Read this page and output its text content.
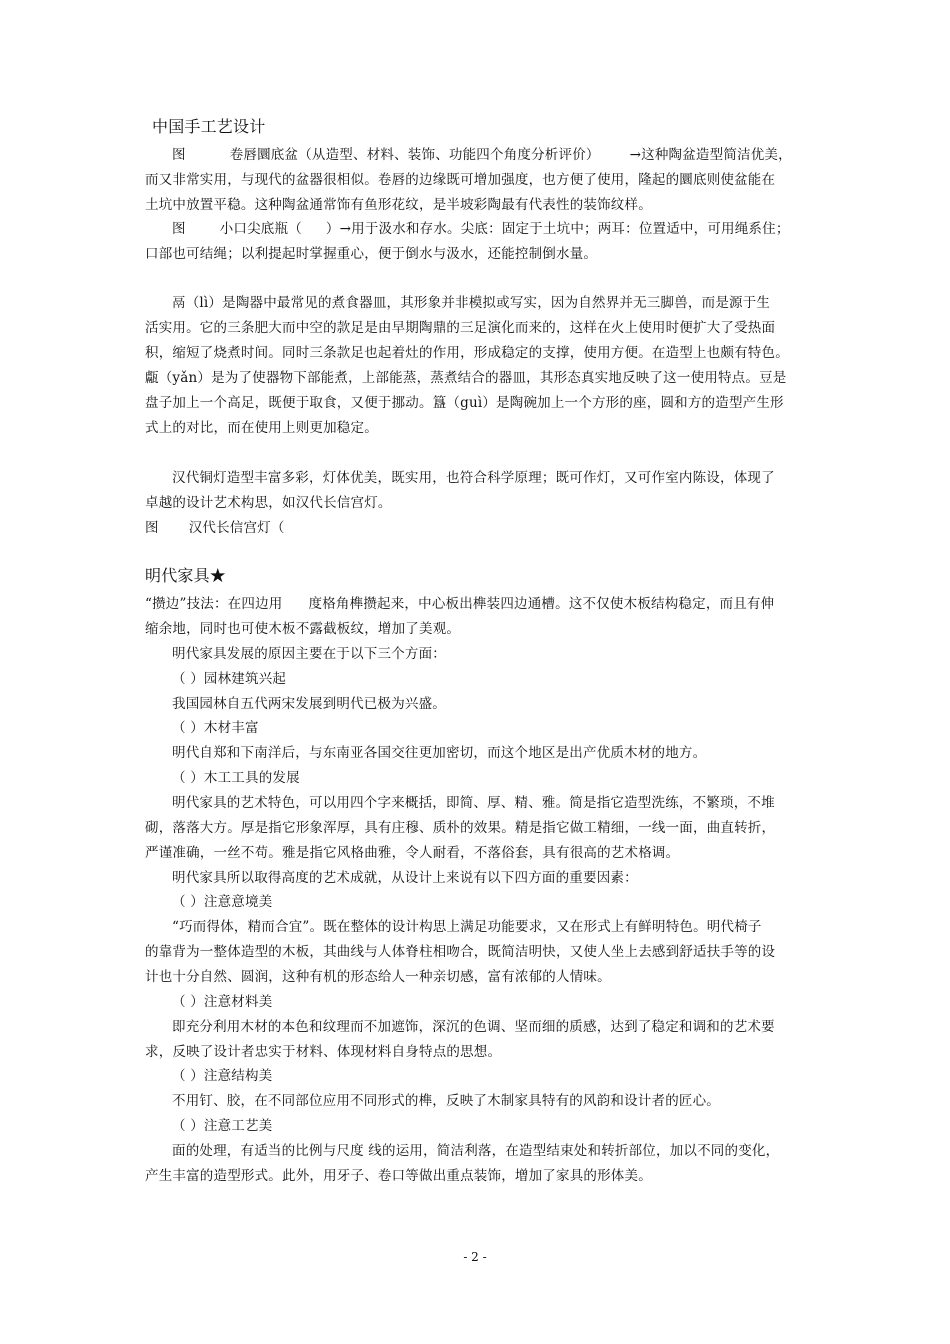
中国手工艺设计
图	卷唇圜底盆（从造型、材料、装饰、功能四个角度分析评价） →这种陶盆造型简洁优美，
而又非常实用，与现代的盆器很相似。卷唇的边缘既可增加强度，也方便了使用，隆起的圜底则使盆能在
土坑中放置平稳。这种陶盆通常饰有鱼形花纹，是半坡彩陶最有代表性的装饰纹样。
图	小口尖底瓶（ ）→用于汲水和存水。尖底：固定于土坑中；两耳：位置适中，可用绳系住；
口部也可结绳；以利提起时掌握重心，便于倒水与汲水，还能控制倒水量。
鬲（lì）是陶器中最常见的煮食器皿，其形象并非模拟或写实，因为自然界并无三脚兽，而是源于生
活实用。它的三条肥大而中空的款足是由早期陶鼎的三足演化而来的，这样在火上使用时便扩大了受热面
积，缩短了烧煮时间。同时三条款足也起着灶的作用，形成稳定的支撑，使用方便。在造型上也颇有特色。
甗（yǎn）是为了使器物下部能煮，上部能蒸，蒸煮结合的器皿，其形态真实地反映了这一使用特点。豆是
盘子加上一个高足，既便于取食，又便于挪动。簋（guì）是陶碗加上一个方形的座，圆和方的造型产生形
式上的对比，而在使用上则更加稳定。
汉代铜灯造型丰富多彩，灯体优美，既实用，也符合科学原理；既可作灯，又可作室内陈设，体现了
卓越的设计艺术构思，如汉代长信宫灯。
图 汉代长信宫灯（
明代家具★
“攒边”技法：在四边用 度格角榫攒起来，中心板出榫装四边通槽。这不仅使木板结构稳定，而且有伸
缩余地，同时也可使木板不露截板纹，增加了美观。
明代家具发展的原因主要在于以下三个方面：
（ ）园林建筑兴起
我国园林自五代两宋发展到明代已极为兴盛。
（ ）木材丰富
明代自郑和下南洋后，与东南亚各国交往更加密切，而这个地区是出产优质木材的地方。
（ ）木工工具的发展
明代家具的艺术特色，可以用四个字来概括，即简、厚、精、雅。简是指它造型洗练，不繁琐，不堆
砌，落落大方。厚是指它形象浑厚，具有庄穆、质朴的效果。精是指它做工精细，一线一面，曲直转折，
严谨准确，一丝不苟。雅是指它风格曲雅，令人耐看，不落俗套，具有很高的艺术格调。
明代家具所以取得高度的艺术成就，从设计上来说有以下四方面的重要因素：
（ ）注意意境美
“巧而得体，精而合宜”。既在整体的设计构思上满足功能要求，又在形式上有鲜明特色。明代椅子
的靠背为一整体造型的木板，其曲线与人体脊柱相吻合，既简洁明快，又使人坐上去感到舒适扶手等的设
计也十分自然、圆润，这种有机的形态给人一种亲切感，富有浓郁的人情味。
（ ）注意材料美
即充分利用木材的本色和纹理而不加遮饰，深沉的色调、坚而细的质感，达到了稳定和调和的艺术要
求，反映了设计者忠实于材料、体现材料自身特点的思想。
（ ）注意结构美
不用钉、胶，在不同部位应用不同形式的榫，反映了木制家具特有的风韵和设计者的匠心。
（ ）注意工艺美
面的处理，有适当的比例与尺度 线的运用，简洁利落，在造型结束处和转折部位，加以不同的变化，
产生丰富的造型形式。此外，用牙子、卷口等做出重点装饰，增加了家具的形体美。
- 2 -
